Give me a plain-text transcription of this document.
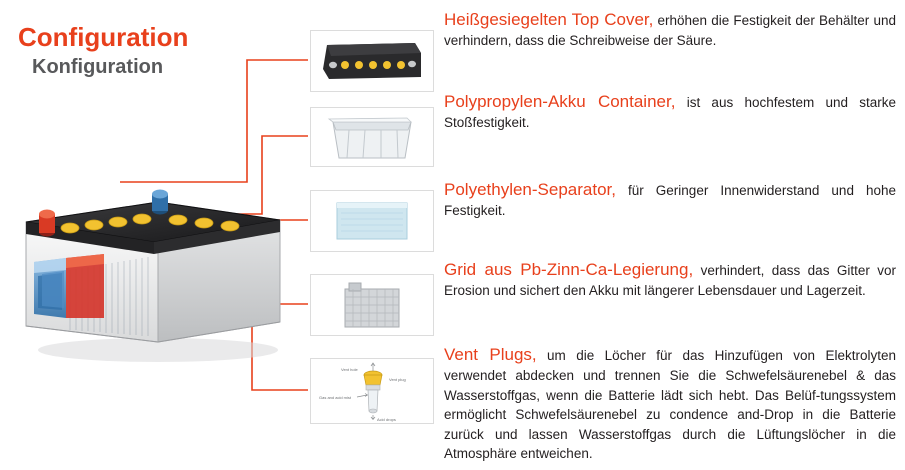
Configuration
Konfiguration
Vent hole
Vent plug
Gas and acid mist
Acid drops

Heißgesiegelten Top Cover, erhöhen die Festigkeit der Behälter und verhindern, dass die Schreibweise der Säure.

Polypropylen-Akku Container, ist aus hochfestem und starke Stoßfestigkeit.

Polyethylen-Separator, für Geringer Innenwiderstand und hohe Festigkeit.

Grid aus Pb-Zinn-Ca-Legierung, verhindert, dass das Gitter vor Erosion und sichert den Akku mit längerer Lebensdauer und Lagerzeit.

Vent Plugs, um die Löcher für das Hinzufügen von Elektrolyten verwendet abdecken und trennen Sie die Schwefelsäurenebel & das Wasserstoffgas, wenn die Batterie lädt sich hebt. Das Belüf-tungssystem ermöglicht Schwefelsäurenebel zu condence and-Drop in die Batterie zurück und lassen Wasserstoffgas durch die Lüftungslöcher in die Atmosphäre entweichen.
